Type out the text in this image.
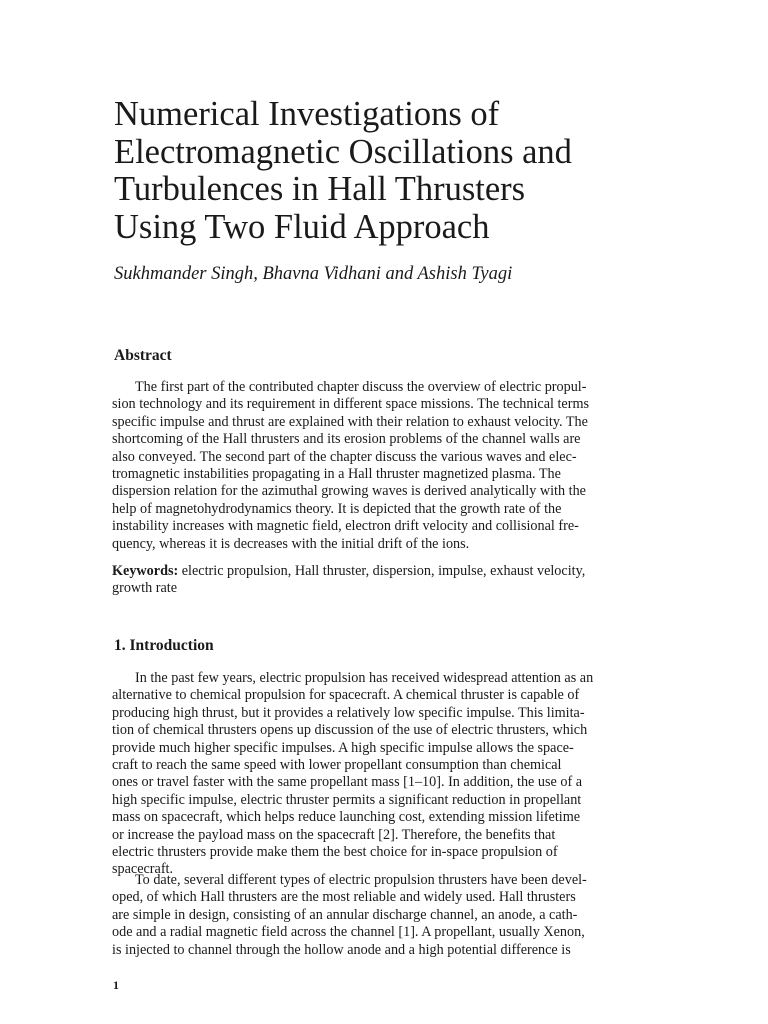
Numerical Investigations of
Electromagnetic Oscillations and
Turbulences in Hall Thrusters
Using Two Fluid Approach

Sukhmander Singh, Bhavna Vidhani and Ashish Tyagi

Abstract
The first part of the contributed chapter discuss the overview of electric propul-
sion technology and its requirement in different space missions. The technical terms
specific impulse and thrust are explained with their relation to exhaust velocity. The
shortcoming of the Hall thrusters and its erosion problems of the channel walls are
also conveyed. The second part of the chapter discuss the various waves and elec-
tromagnetic instabilities propagating in a Hall thruster magnetized plasma. The
dispersion relation for the azimuthal growing waves is derived analytically with the
help of magnetohydrodynamics theory. It is depicted that the growth rate of the
instability increases with magnetic field, electron drift velocity and collisional fre-
quency, whereas it is decreases with the initial drift of the ions.
Keywords: electric propulsion, Hall thruster, dispersion, impulse, exhaust velocity,
growth rate
1. Introduction
In the past few years, electric propulsion has received widespread attention as an
alternative to chemical propulsion for spacecraft. A chemical thruster is capable of
producing high thrust, but it provides a relatively low specific impulse. This limita-
tion of chemical thrusters opens up discussion of the use of electric thrusters, which
provide much higher specific impulses. A high specific impulse allows the space-
craft to reach the same speed with lower propellant consumption than chemical
ones or travel faster with the same propellant mass [1–10]. In addition, the use of a
high specific impulse, electric thruster permits a significant reduction in propellant
mass on spacecraft, which helps reduce launching cost, extending mission lifetime
or increase the payload mass on the spacecraft [2]. Therefore, the benefits that
electric thrusters provide make them the best choice for in-space propulsion of
spacecraft.
To date, several different types of electric propulsion thrusters have been devel-
oped, of which Hall thrusters are the most reliable and widely used. Hall thrusters
are simple in design, consisting of an annular discharge channel, an anode, a cath-
ode and a radial magnetic field across the channel [1]. A propellant, usually Xenon,
is injected to channel through the hollow anode and a high potential difference is
1
